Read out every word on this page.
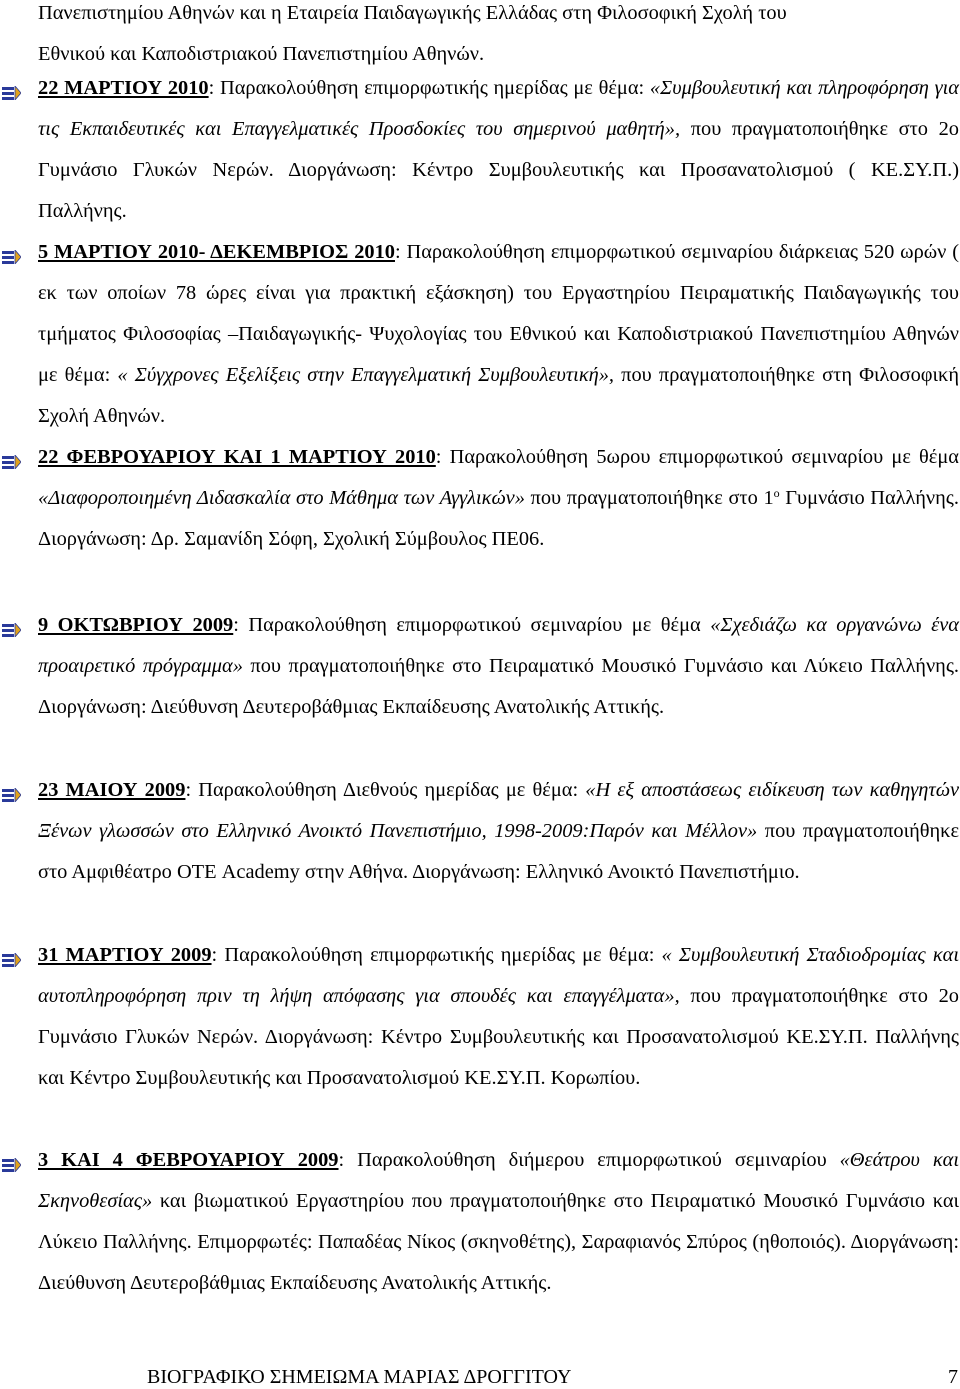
Πανεπιστημίου Αθηνών και η Εταιρεία Παιδαγωγικής Ελλάδας στη Φιλοσοφική Σχολή του
Εθνικού και Καποδιστριακού Πανεπιστημίου Αθηνών.
22 ΜΑΡΤΙΟΥ 2010: Παρακολούθηση επιμορφωτικής ημερίδας με θέμα: «Συμβουλευτική και πληροφόρηση για τις Εκπαιδευτικές και Επαγγελματικές Προσδοκίες του σημερινού μαθητή», που πραγματοποιήθηκε στο 2ο Γυμνάσιο Γλυκών Νερών. Διοργάνωση: Κέντρο Συμβουλευτικής και Προσανατολισμού ( ΚΕ.ΣΥ.Π.) Παλλήνης.
5 ΜΑΡΤΙΟΥ 2010- ΔΕΚΕΜΒΡΙΟΣ 2010: Παρακολούθηση επιμορφωτικού σεμιναρίου διάρκειας 520 ωρών ( εκ των οποίων 78 ώρες είναι για πρακτική εξάσκηση) του Εργαστηρίου Πειραματικής Παιδαγωγικής του τμήματος Φιλοσοφίας –Παιδαγωγικής- Ψυχολογίας του Εθνικού και Καποδιστριακού Πανεπιστημίου Αθηνών με θέμα: « Σύγχρονες Εξελίξεις στην Επαγγελματική Συμβουλευτική», που πραγματοποιήθηκε στη Φιλοσοφική Σχολή Αθηνών.
22 ΦΕΒΡΟΥΑΡΙΟΥ ΚΑΙ 1 ΜΑΡΤΙΟΥ 2010: Παρακολούθηση 5ωρου επιμορφωτικού σεμιναρίου με θέμα «Διαφοροποιημένη Διδασκαλία στο Μάθημα των Αγγλικών» που πραγματοποιήθηκε στο $1^o$ Γυμνάσιο Παλλήνης. Διοργάνωση: Δρ. Σαμανίδη Σόφη, Σχολική Σύμβουλος ΠΕ06.
9 ΟΚΤΩΒΡΙΟΥ 2009: Παρακολούθηση επιμορφωτικού σεμιναρίου με θέμα «Σχεδιάζω κα οργανώνω ένα προαιρετικό πρόγραμμα» που πραγματοποιήθηκε στο Πειραματικό Μουσικό Γυμνάσιο και Λύκειο Παλλήνης. Διοργάνωση: Διεύθυνση Δευτεροβάθμιας Εκπαίδευσης Ανατολικής Αττικής.
23 ΜΑΙΟΥ 2009: Παρακολούθηση Διεθνούς ημερίδας με θέμα: «Η εξ αποστάσεως ειδίκευση των καθηγητών Ξένων γλωσσών στο Ελληνικό Ανοικτό Πανεπιστήμιο, 1998-2009:Παρόν και Μέλλον» που πραγματοποιήθηκε στο Αμφιθέατρο ΟΤΕ Academy στην Αθήνα. Διοργάνωση: Ελληνικό Ανοικτό Πανεπιστήμιο.
31 ΜΑΡΤΙΟΥ 2009: Παρακολούθηση επιμορφωτικής ημερίδας με θέμα: « Συμβουλευτική Σταδιοδρομίας και αυτοπληροφόρηση πριν τη λήψη απόφασης για σπουδές και επαγγέλματα», που πραγματοποιήθηκε στο 2ο Γυμνάσιο Γλυκών Νερών. Διοργάνωση: Κέντρο Συμβουλευτικής και Προσανατολισμού ΚΕ.ΣΥ.Π. Παλλήνης και Κέντρο Συμβουλευτικής και Προσανατολισμού ΚΕ.ΣΥ.Π. Κορωπίου.
3 ΚΑΙ 4 ΦΕΒΡΟΥΑΡΙΟΥ 2009: Παρακολούθηση διήμερου επιμορφωτικού σεμιναρίου «Θεάτρου και Σκηνοθεσίας» και βιωματικού Εργαστηρίου που πραγματοποιήθηκε στο Πειραματικό Μουσικό Γυμνάσιο και Λύκειο Παλλήνης. Επιμορφωτές: Παπαδέας Νίκος (σκηνοθέτης), Σαραφιανός Σπύρος (ηθοποιός). Διοργάνωση: Διεύθυνση Δευτεροβάθμιας Εκπαίδευσης Ανατολικής Αττικής.
ΒΙΟΓΡΑΦΙΚΟ ΣΗΜΕΙΩΜΑ ΜΑΡΙΑΣ ΔΡΟΓΓΙΤΟΥ	7
